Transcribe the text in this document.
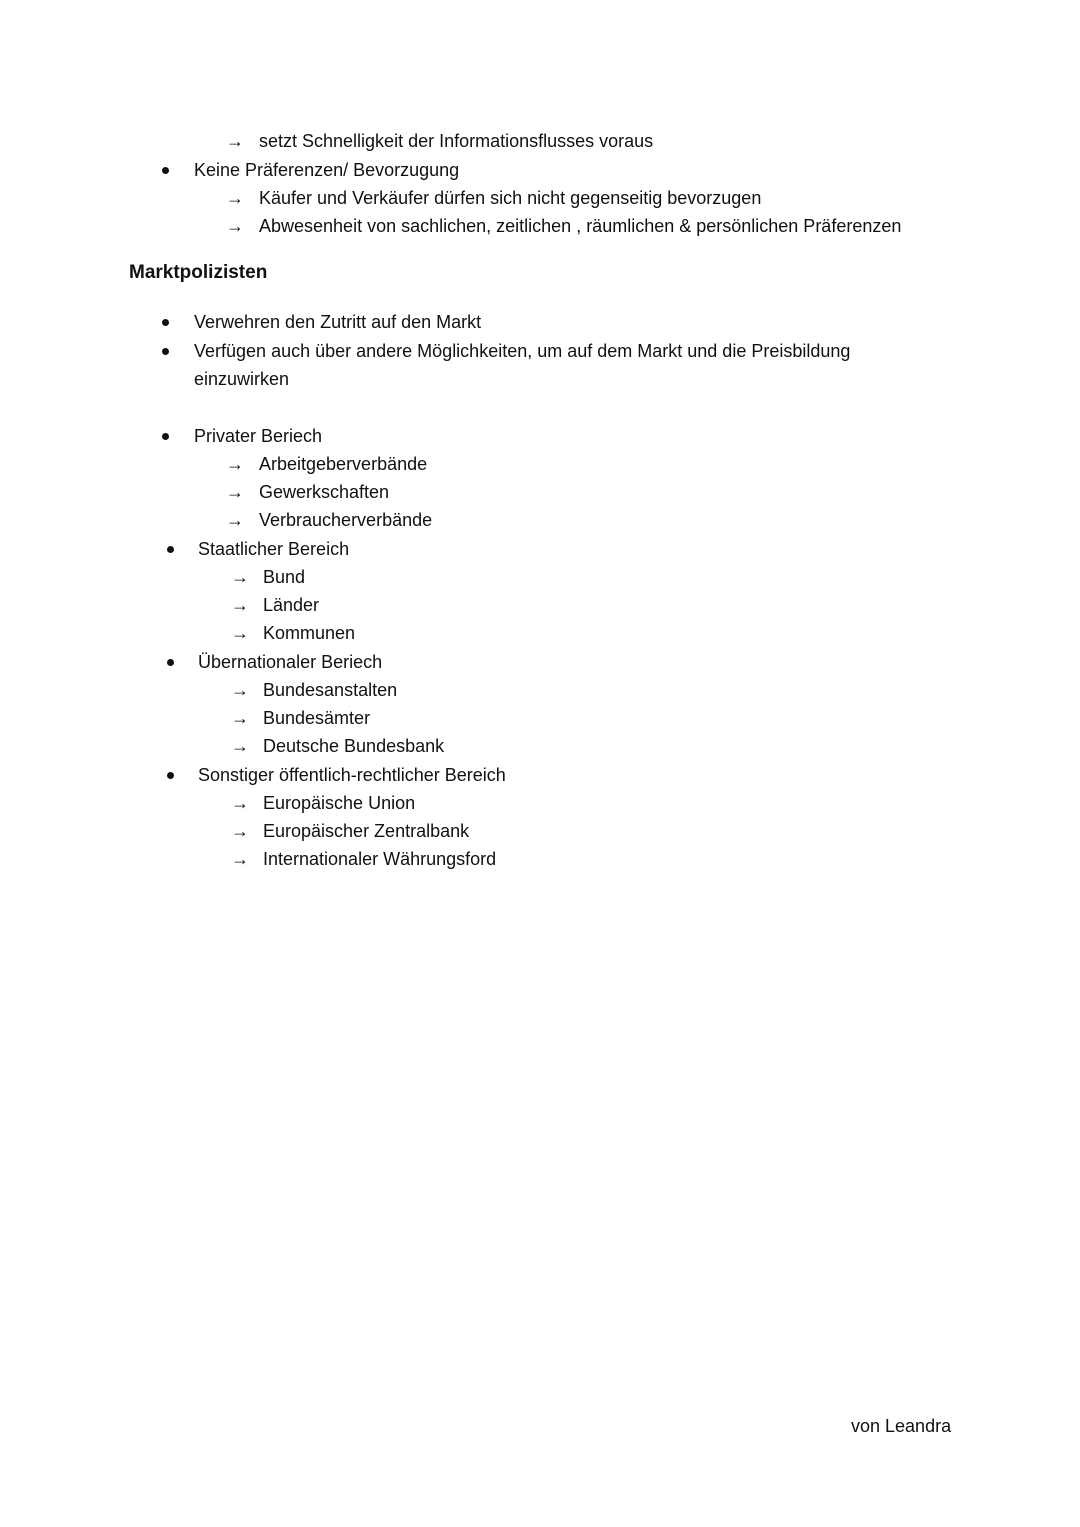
→ setzt Schnelligkeit der Informationsflusses voraus
Keine Präferenzen/ Bevorzugung
→ Käufer und Verkäufer dürfen sich nicht gegenseitig bevorzugen
→ Abwesenheit von sachlichen, zeitlichen , räumlichen & persönlichen Präferenzen
Marktpolizisten
Verwehren den Zutritt auf den Markt
Verfügen auch über andere Möglichkeiten, um auf dem Markt und die Preisbildung
einzuwirken
Privater Beriech
→ Arbeitgeberverbände
→ Gewerkschaften
→ Verbraucherverbände
Staatlicher Bereich
→ Bund
→ Länder
→ Kommunen
Übernationaler Beriech
→ Bundesanstalten
→ Bundesämter
→ Deutsche Bundesbank
Sonstiger öffentlich-rechtlicher Bereich
→ Europäische Union
→ Europäischer Zentralbank
→ Internationaler Währungsford
von Leandra
